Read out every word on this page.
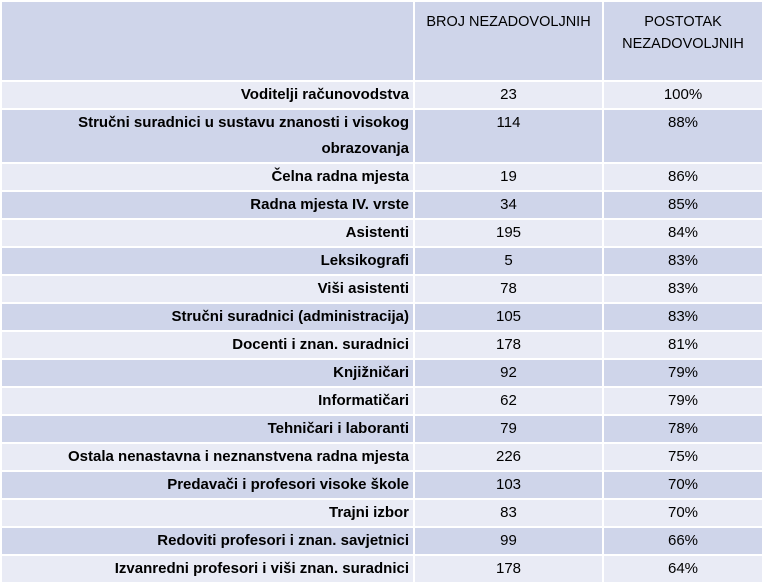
	BROJ NEZADOVOLJNIH	POSTOTAK NEZADOVOLJNIH
Voditelji računovodstva	23	100%
Stručni suradnici u sustavu znanosti i visokog obrazovanja	114	88%
Čelna radna mjesta	19	86%
Radna mjesta IV. vrste	34	85%
Asistenti	195	84%
Leksikografi	5	83%
Viši asistenti	78	83%
Stručni suradnici (administracija)	105	83%
Docenti i znan. suradnici	178	81%
Knjižničari	92	79%
Informatičari	62	79%
Tehničari i laboranti	79	78%
Ostala nenastavna i neznanstvena radna mjesta	226	75%
Predavači i profesori visoke škole	103	70%
Trajni izbor	83	70%
Redoviti profesori i znan. savjetnici	99	66%
Izvanredni profesori i viši znan. suradnici	178	64%
